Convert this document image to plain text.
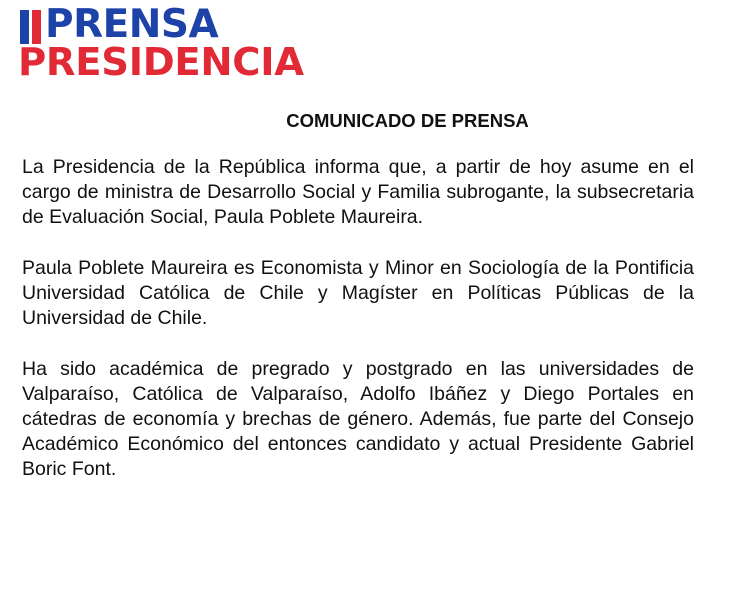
PRENSA
PRESIDENCIA
COMUNICADO DE PRENSA

La Presidencia de la República informa que, a partir de hoy asume en el cargo de ministra de Desarrollo Social y Familia subrogante, la subsecretaria de Evaluación Social, Paula Poblete Maureira.

Paula Poblete Maureira es Economista y Minor en Sociología de la Pontificia Universidad Católica de Chile y Magíster en Políticas Públicas de la Universidad de Chile.

Ha sido académica de pregrado y postgrado en las universidades de Valparaíso, Católica de Valparaíso, Adolfo Ibáñez y Diego Portales en cátedras de economía y brechas de género. Además, fue parte del Consejo Académico Económico del entonces candidato y actual Presidente Gabriel Boric Font.
